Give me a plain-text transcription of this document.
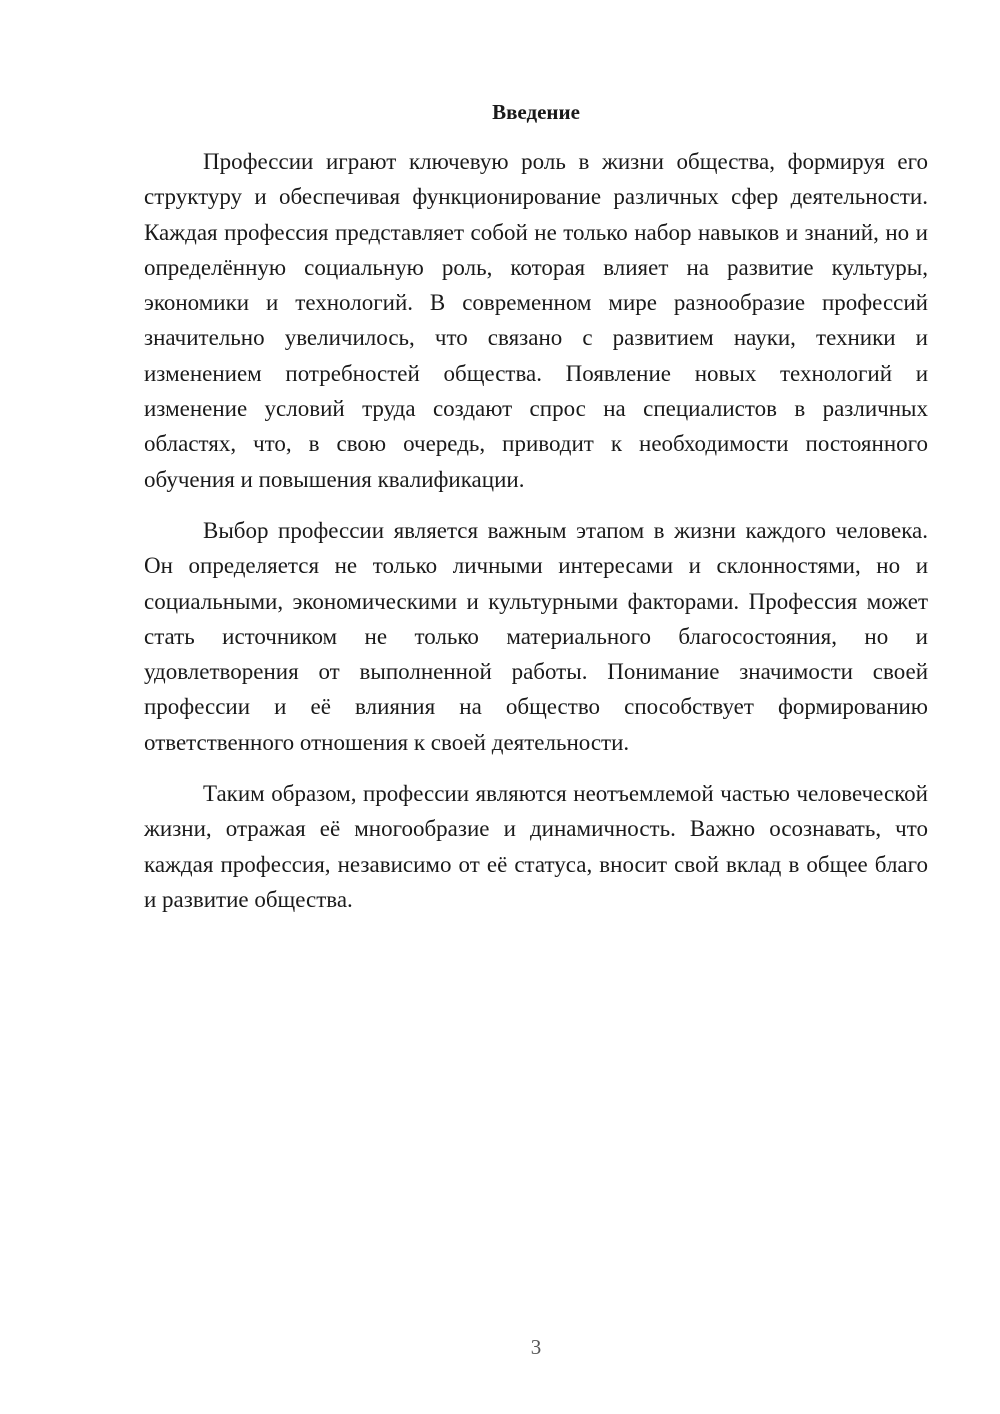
Введение

Профессии играют ключевую роль в жизни общества, формируя его структуру и обеспечивая функционирование различных сфер деятельности. Каждая профессия представляет собой не только набор навыков и знаний, но и определённую социальную роль, которая влияет на развитие культуры, экономики и технологий. В современном мире разнообразие профессий значительно увеличилось, что связано с развитием науки, техники и изменением потребностей общества. Появление новых технологий и изменение условий труда создают спрос на специалистов в различных областях, что, в свою очередь, приводит к необходимости постоянного обучения и повышения квалификации.

Выбор профессии является важным этапом в жизни каждого человека. Он определяется не только личными интересами и склонностями, но и социальными, экономическими и культурными факторами. Профессия может стать источником не только материального благосостояния, но и удовлетворения от выполненной работы. Понимание значимости своей профессии и её влияния на общество способствует формированию ответственного отношения к своей деятельности.

Таким образом, профессии являются неотъемлемой частью человеческой жизни, отражая её многообразие и динамичность. Важно осознавать, что каждая профессия, независимо от её статуса, вносит свой вклад в общее благо и развитие общества.

3
